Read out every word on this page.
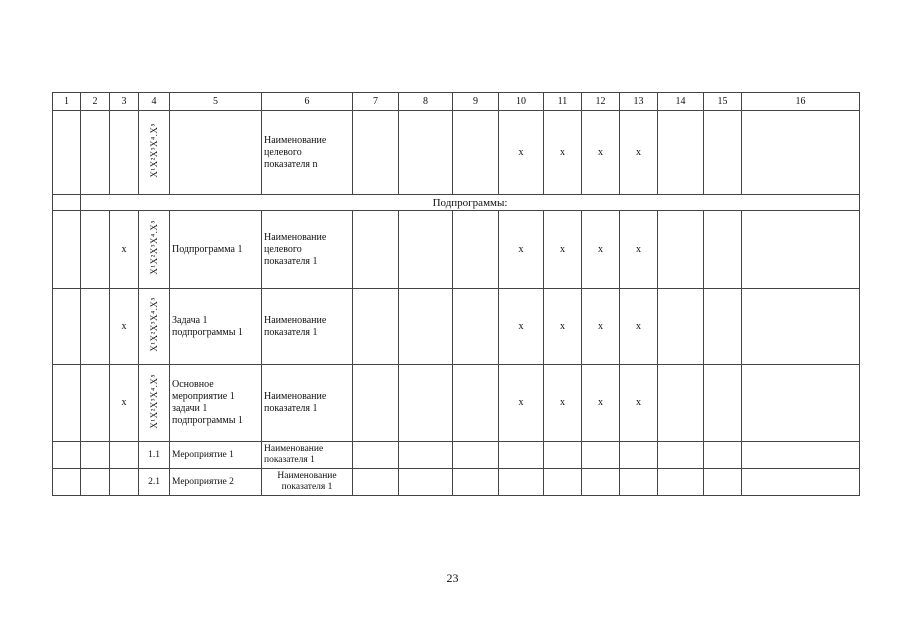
1	2	3	4	5	6	7	8	9	10	11	12	13	14	15	16
			X¹X²X³X⁴.X⁵		Наименование целевого показателя n				x	x	x	x			
	Подпрограммы:														
		x	X¹X²X³X⁴.X⁵	Подпрограмма 1	Наименование целевого показателя 1				x	x	x	x			
		x	X¹X²X³X⁴.X⁵	Задача 1 подпрограммы 1	Наименование показателя 1				x	x	x	x			
		x	X¹X²X³X⁴.X⁵	Основное мероприятие 1 задачи 1 подпрограммы 1	Наименование показателя 1				x	x	x	x			
			1.1	Мероприятие 1	Наименование показателя 1										
			2.1	Мероприятие 2	Наименование показателя 1										
23
